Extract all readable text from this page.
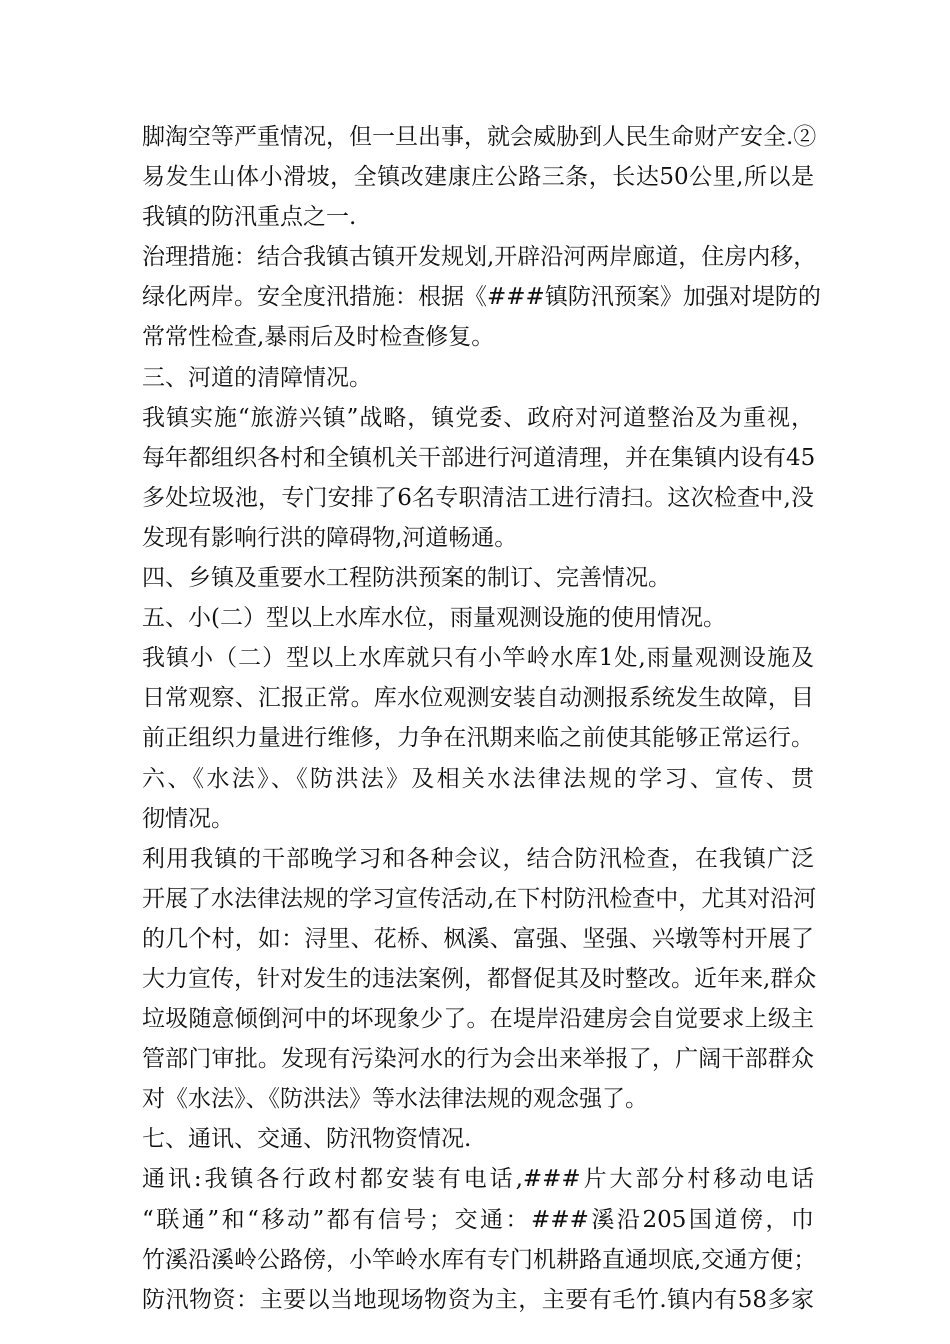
脚淘空等严重情况，但一旦出事，就会威胁到人民生命财产安全.②
易发生山体小滑坡，全镇改建康庄公路三条，长达50公里,所以是
我镇的防汛重点之一.
治理措施：结合我镇古镇开发规划,开辟沿河两岸廊道，住房内移，
绿化两岸。安全度汛措施：根据《###镇防汛预案》加强对堤防的
常常性检查,暴雨后及时检查修复。
三、河道的清障情况。
我镇实施“旅游兴镇”战略，镇党委、政府对河道整治及为重视，
每年都组织各村和全镇机关干部进行河道清理，并在集镇内设有45
多处垃圾池，专门安排了6名专职清洁工进行清扫。这次检查中,没
发现有影响行洪的障碍物,河道畅通。
四、乡镇及重要水工程防洪预案的制订、完善情况。
五、小(二）型以上水库水位，雨量观测设施的使用情况。
我镇小（二）型以上水库就只有小竿岭水库1处,雨量观测设施及
日常观察、汇报正常。库水位观测安装自动测报系统发生故障，目
前正组织力量进行维修，力争在汛期来临之前使其能够正常运行。
六、《水法》、《防洪法》及相关水法律法规的学习、宣传、贯
彻情况。
利用我镇的干部晚学习和各种会议，结合防汛检查，在我镇广泛
开展了水法律法规的学习宣传活动,在下村防汛检查中，尤其对沿河
的几个村，如：浔里、花桥、枫溪、富强、坚强、兴墩等村开展了
大力宣传，针对发生的违法案例，都督促其及时整改。近年来,群众
垃圾随意倾倒河中的坏现象少了。在堤岸沿建房会自觉要求上级主
管部门审批。发现有污染河水的行为会出来举报了，广阔干部群众
对《水法》、《防洪法》等水法律法规的观念强了。
七、通讯、交通、防汛物资情况.
通讯:我镇各行政村都安装有电话,###片大部分村移动电话
“联通”和“移动”都有信号；交通：###溪沿205国道傍，巾
竹溪沿溪岭公路傍，小竿岭水库有专门机耕路直通坝底,交通方便；
防汛物资：主要以当地现场物资为主，主要有毛竹.镇内有58多家
